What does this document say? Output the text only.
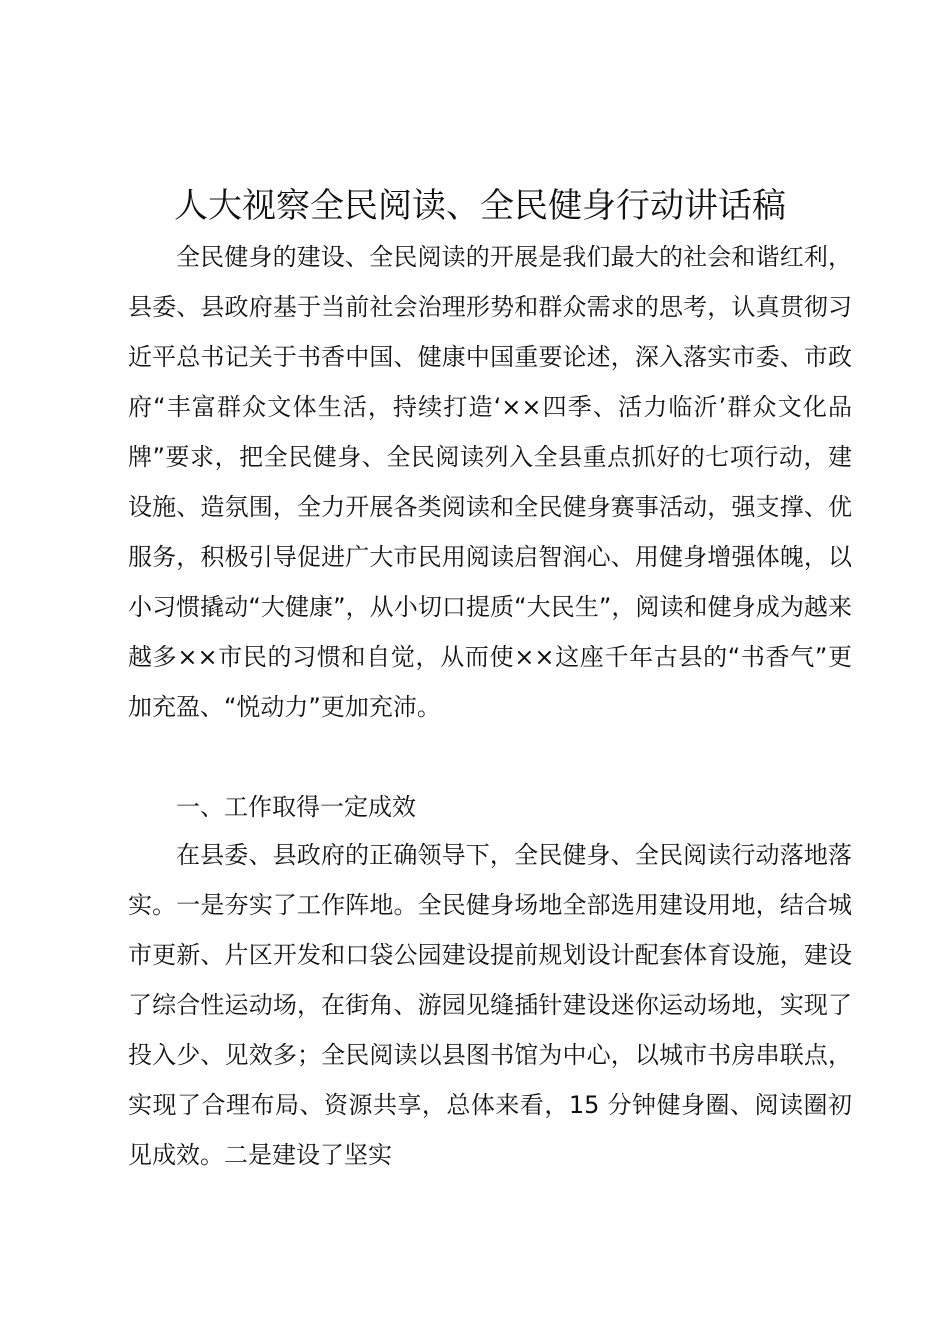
人大视察全民阅读、全民健身行动讲话稿

全民健身的建设、全民阅读的开展是我们最大的社会和谐红利，县委、县政府基于当前社会治理形势和群众需求的思考，认真贯彻习近平总书记关于书香中国、健康中国重要论述，深入落实市委、市政府“丰富群众文体生活，持续打造‘××四季、活力临沂’群众文化品牌”要求，把全民健身、全民阅读列入全县重点抓好的七项行动，建设施、造氛围，全力开展各类阅读和全民健身赛事活动，强支撑、优服务，积极引导促进广大市民用阅读启智润心、用健身增强体魄，以小习惯撬动“大健康”，从小切口提质“大民生”，阅读和健身成为越来越多××市民的习惯和自觉，从而使××这座千年古县的“书香气”更加充盈、“悦动力”更加充沛。

一、工作取得一定成效

在县委、县政府的正确领导下，全民健身、全民阅读行动落地落实。一是夯实了工作阵地。全民健身场地全部选用建设用地，结合城市更新、片区开发和口袋公园建设提前规划设计配套体育设施，建设了综合性运动场，在街角、游园见缝插针建设迷你运动场地，实现了投入少、见效多；全民阅读以县图书馆为中心，以城市书房串联点，实现了合理布局、资源共享，总体来看，15 分钟健身圈、阅读圈初见成效。二是建设了坚实
